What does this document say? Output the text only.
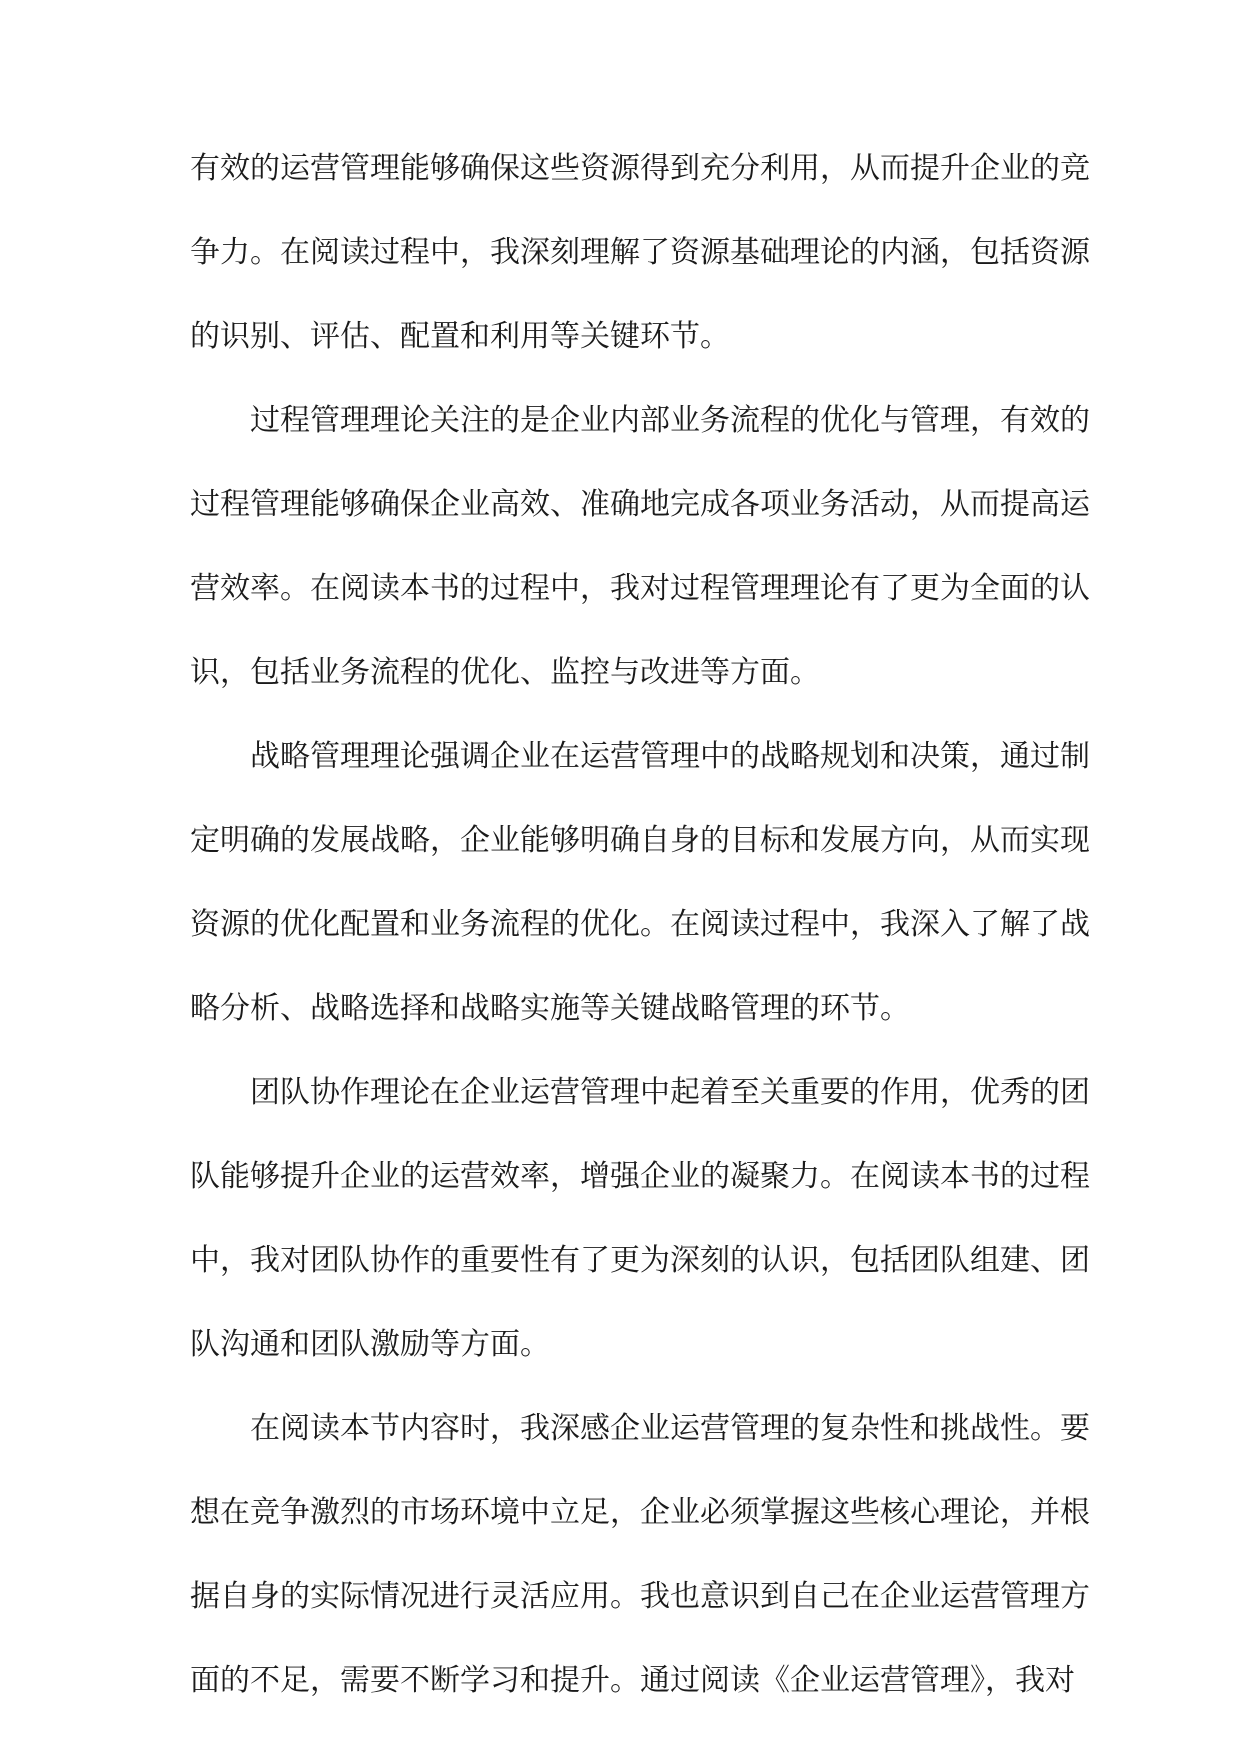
有效的运营管理能够确保这些资源得到充分利用，从而提升企业的竞
争力。在阅读过程中，我深刻理解了资源基础理论的内涵，包括资源
的识别、评估、配置和利用等关键环节。
过程管理理论关注的是企业内部业务流程的优化与管理，有效的
过程管理能够确保企业高效、准确地完成各项业务活动，从而提高运
营效率。在阅读本书的过程中，我对过程管理理论有了更为全面的认
识，包括业务流程的优化、监控与改进等方面。
战略管理理论强调企业在运营管理中的战略规划和决策，通过制
定明确的发展战略，企业能够明确自身的目标和发展方向，从而实现
资源的优化配置和业务流程的优化。在阅读过程中，我深入了解了战
略分析、战略选择和战略实施等关键战略管理的环节。
团队协作理论在企业运营管理中起着至关重要的作用，优秀的团
队能够提升企业的运营效率，增强企业的凝聚力。在阅读本书的过程
中，我对团队协作的重要性有了更为深刻的认识，包括团队组建、团
队沟通和团队激励等方面。
在阅读本节内容时，我深感企业运营管理的复杂性和挑战性。要
想在竞争激烈的市场环境中立足，企业必须掌握这些核心理论，并根
据自身的实际情况进行灵活应用。我也意识到自己在企业运营管理方
面的不足，需要不断学习和提升。通过阅读《企业运营管理》，我对
